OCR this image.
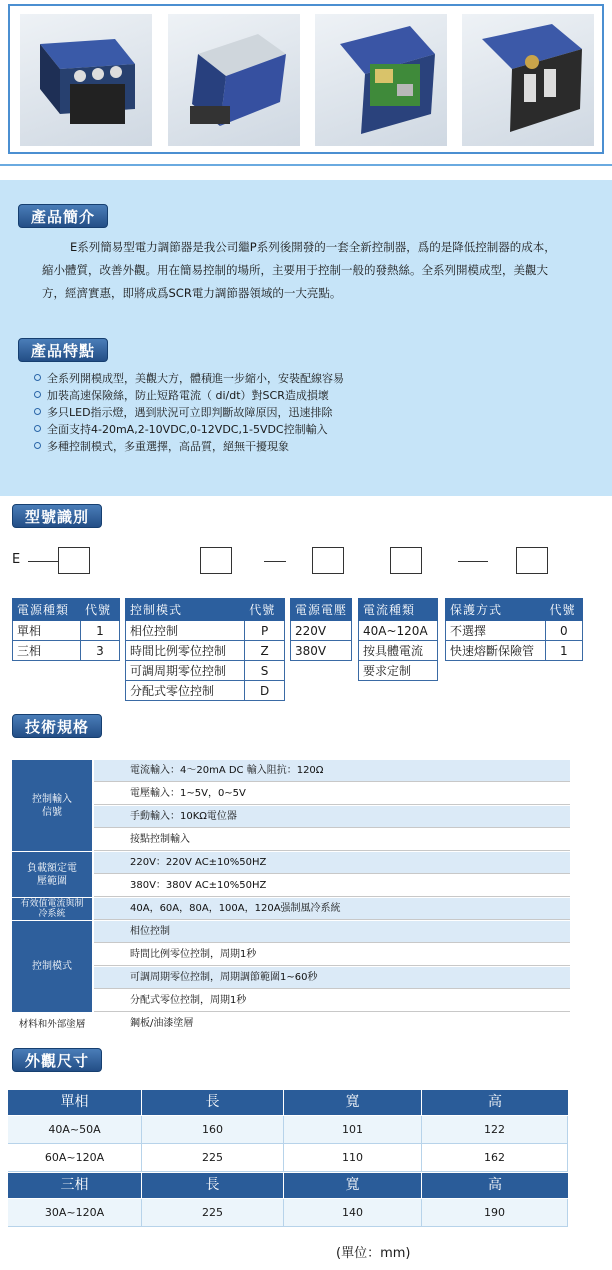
產品簡介
E系列簡易型電力調節器是我公司繼P系列後開發的一套全新控制器，爲的是降低控制器的成本，
縮小體質，改善外觀。用在簡易控制的場所，主要用于控制一般的發熱絲。全系列開模成型，美觀大
方，經濟實惠，即將成爲SCR電力調節器領域的一大亮點。
產品特點
全系列開模成型，美觀大方，體積進一步縮小，安裝配線容易
加裝高速保險絲，防止短路電流（ di/dt）對SCR造成損壞
多只LED指示燈，遇到狀況可立即判斷故障原因，迅速排除
全面支持4-20mA,2-10VDC,0-12VDC,1-5VDC控制輸入
多種控制模式，多重選擇，高品質，絕無干擾現象
型號識別
E
電源種類	代號
單相	1
三相	3
控制模式	代號
相位控制	P
時間比例零位控制	Z
可調周期零位控制	S
分配式零位控制	D
電源電壓
220V
380V
電流種類
40A~120A
按具體電流
要求定制
保護方式	代號
不選擇	0
快速熔斷保險管	1
技術規格
控制輸入信號
電流輸入：4～20mA DC 輸入阻抗：120Ω
電壓輸入：1~5V，0~5V
手動輸入：10KΩ電位器
接點控制輸入
負載額定電壓範圍
220V：220V AC±10%50HZ
380V：380V AC±10%50HZ
有效值電流與制冷系統	40A，60A，80A，100A，120A强制風冷系統
控制模式
相位控制
時間比例零位控制，周期1秒
可調周期零位控制，周期調節範圍1~60秒
分配式零位控制，周期1秒
材料和外部塗層	鋼板/油漆塗層
外觀尺寸
單相	長	寬	高
40A~50A	160	101	122
60A~120A	225	110	162
三相	長	寬	高
30A~120A	225	140	190
(單位：mm)
